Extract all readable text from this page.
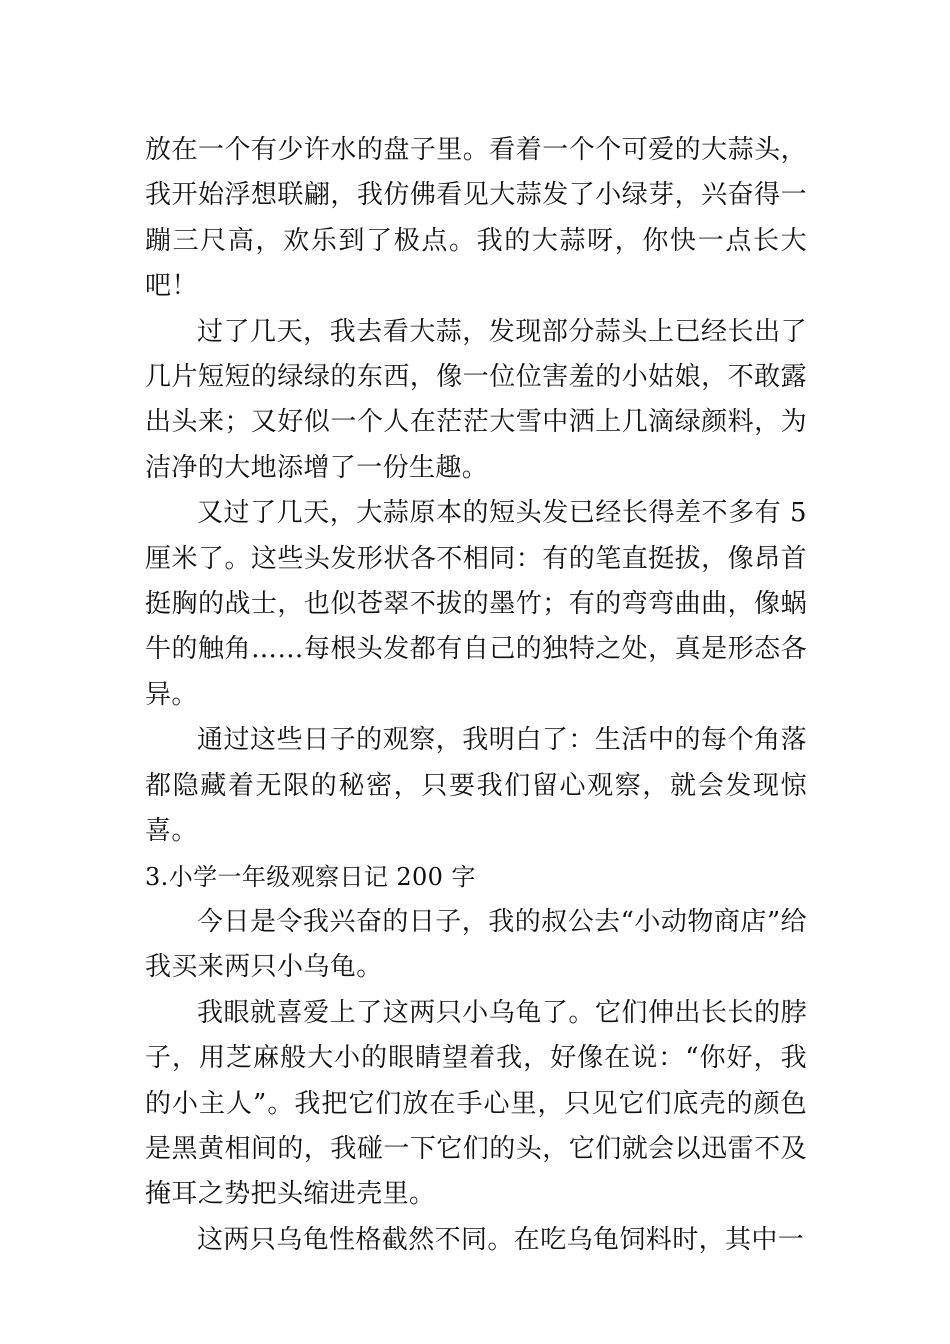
放在一个有少许水的盘子里。看着一个个可爱的大蒜头，我开始浮想联翩，我仿佛看见大蒜发了小绿芽，兴奋得一蹦三尺高，欢乐到了极点。我的大蒜呀，你快一点长大吧！

过了几天，我去看大蒜，发现部分蒜头上已经长出了几片短短的绿绿的东西，像一位位害羞的小姑娘，不敢露出头来；又好似一个人在茫茫大雪中洒上几滴绿颜料，为洁净的大地添增了一份生趣。

又过了几天，大蒜原本的短头发已经长得差不多有 5 厘米了。这些头发形状各不相同：有的笔直挺拔，像昂首挺胸的战士，也似苍翠不拔的墨竹；有的弯弯曲曲，像蜗牛的触角……每根头发都有自己的独特之处，真是形态各异。

通过这些日子的观察，我明白了：生活中的每个角落都隐藏着无限的秘密，只要我们留心观察，就会发现惊喜。

3.小学一年级观察日记 200 字

今日是令我兴奋的日子，我的叔公去“小动物商店”给我买来两只小乌龟。

我眼就喜爱上了这两只小乌龟了。它们伸出长长的脖子，用芝麻般大小的眼睛望着我，好像在说：“你好，我的小主人”。我把它们放在手心里，只见它们底壳的颜色是黑黄相间的，我碰一下它们的头，它们就会以迅雷不及掩耳之势把头缩进壳里。

这两只乌龟性格截然不同。在吃乌龟饲料时，其中一
